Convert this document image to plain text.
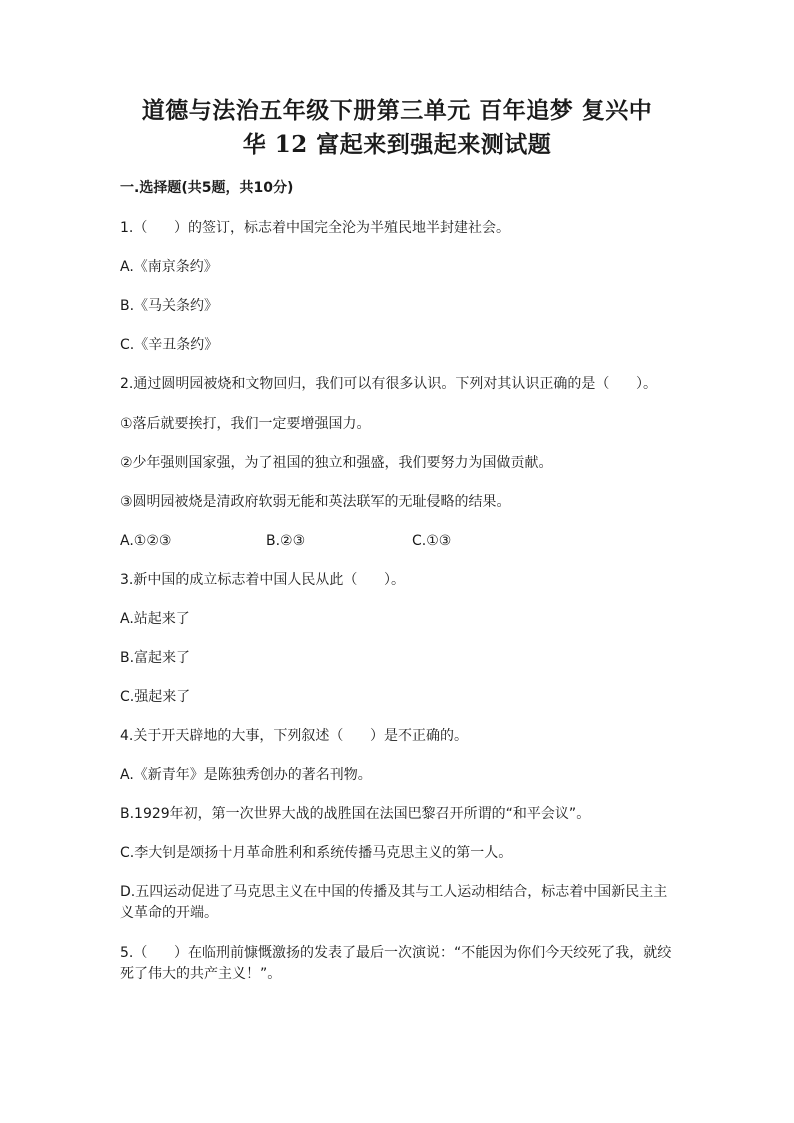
道德与法治五年级下册第三单元 百年追梦 复兴中
华 12 富起来到强起来测试题
一.选择题(共5题，共10分)
1.（      ）的签订，标志着中国完全沦为半殖民地半封建社会。
A.《南京条约》
B.《马关条约》
C.《辛丑条约》
2.通过圆明园被烧和文物回归，我们可以有很多认识。下列对其认识正确的是（      ）。
①落后就要挨打，我们一定要增强国力。
②少年强则国家强，为了祖国的独立和强盛，我们要努力为国做贡献。
③圆明园被烧是清政府软弱无能和英法联军的无耻侵略的结果。
A.①②③	B.②③	C.①③
3.新中国的成立标志着中国人民从此（      ）。
A.站起来了
B.富起来了
C.强起来了
4.关于开天辟地的大事，下列叙述（      ）是不正确的。
A.《新青年》是陈独秀创办的著名刊物。
B.1929年初，第一次世界大战的战胜国在法国巴黎召开所谓的“和平会议”。
C.李大钊是颂扬十月革命胜利和系统传播马克思主义的第一人。
D.五四运动促进了马克思主义在中国的传播及其与工人运动相结合，标志着中国新民主主义革命的开端。
5.（      ）在临刑前慷慨激扬的发表了最后一次演说：“不能因为你们今天绞死了我，就绞死了伟大的共产主义！”。
